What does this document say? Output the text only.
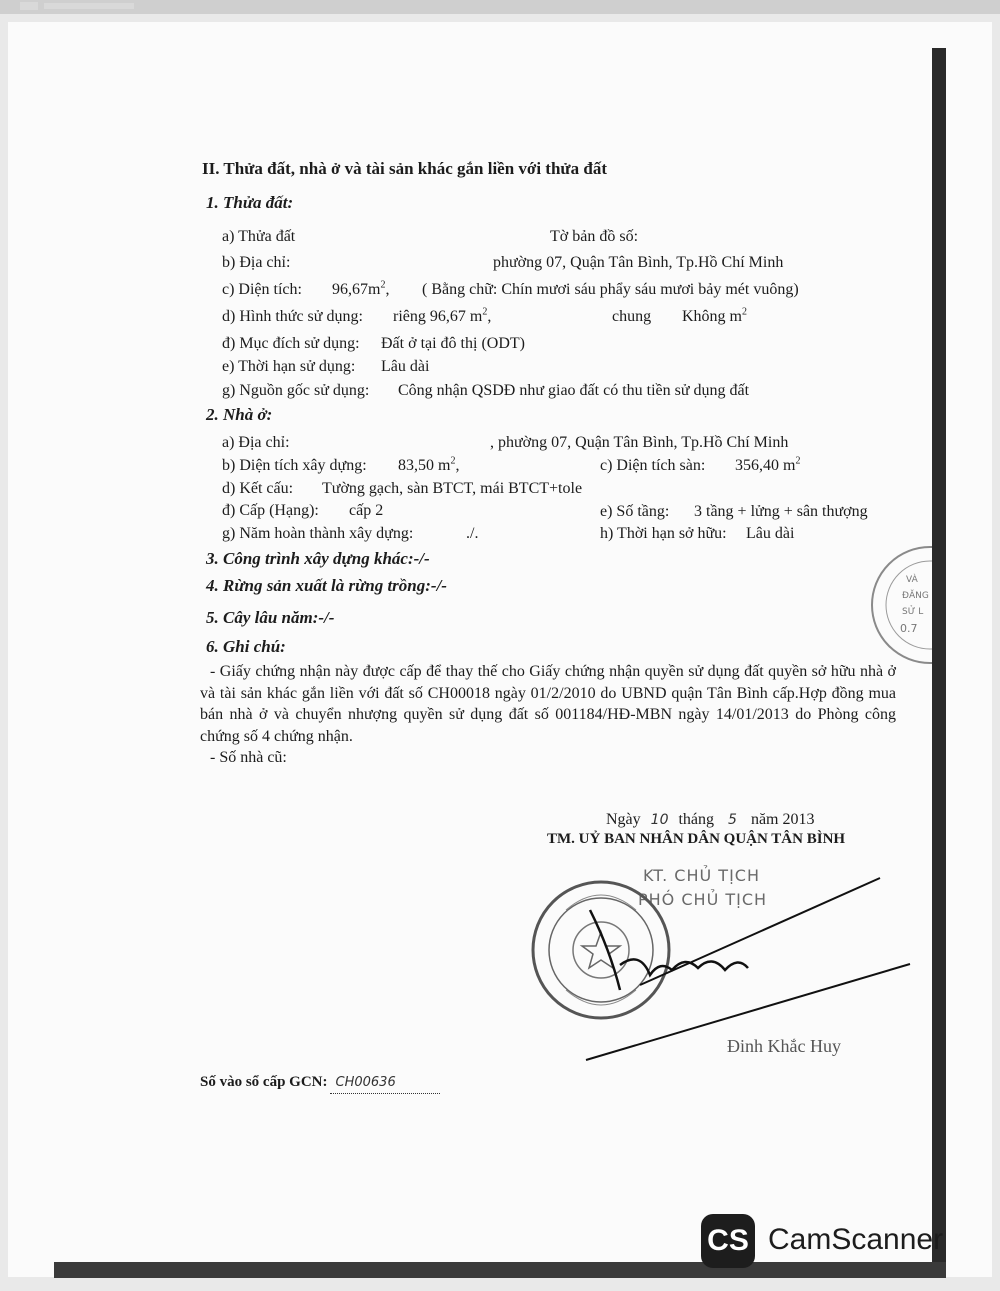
II. Thửa đất, nhà ở và tài sản khác gắn liền với thửa đất
1. Thửa đất:
a) Thửa đất	Tờ bản đồ số:
b) Địa chỉ:	phường 07, Quận Tân Bình, Tp.Hồ Chí Minh
c) Diện tích: $96,67m^2$, ( Bằng chữ: Chín mươi sáu phẩy sáu mươi bảy mét vuông)
d) Hình thức sử dụng: riêng 96,67 $m^2$,	chung Không $m^2$
đ) Mục đích sử dụng: Đất ở tại đô thị (ODT)
e) Thời hạn sử dụng: Lâu dài
g) Nguồn gốc sử dụng: Công nhận QSDĐ như giao đất có thu tiền sử dụng đất
2. Nhà ở:
a) Địa chỉ:	, phường 07, Quận Tân Bình, Tp.Hồ Chí Minh
b) Diện tích xây dựng: 83,50 $m^2$,	c) Diện tích sàn: 356,40 $m^2$
d) Kết cấu: Tường gạch, sàn BTCT, mái BTCT+tole
đ) Cấp (Hạng): cấp 2	e) Số tầng: 3 tầng + lửng + sân thượng
g) Năm hoàn thành xây dựng:	./.	h) Thời hạn sở hữu: Lâu dài
3. Công trình xây dựng khác:-/-
4. Rừng sản xuất là rừng trồng:-/-
5. Cây lâu năm:-/-
6. Ghi chú:

- Giấy chứng nhận này được cấp để thay thế cho Giấy chứng nhận quyền sử dụng đất quyền sở hữu nhà ở và tài sản khác gắn liền với đất số CH00018 ngày 01/2/2010 do UBND quận Tân Bình cấp.Hợp đồng mua bán nhà ở và chuyển nhượng quyền sử dụng đất số 001184/HĐ-MBN ngày 14/01/2013 do Phòng công chứng số 4 chứng nhận.

- Số nhà cũ:
VÀ
ĐĂNG
SỬ L
0.7
Ngày 10 tháng 5 năm 2013
TM. UỶ BAN NHÂN DÂN QUẬN TÂN BÌNH
KT. CHỦ TỊCH
PHÓ CHỦ TỊCH
Đinh Khắc Huy
Số vào sổ cấp GCN: CH00636
CS CamScanner
